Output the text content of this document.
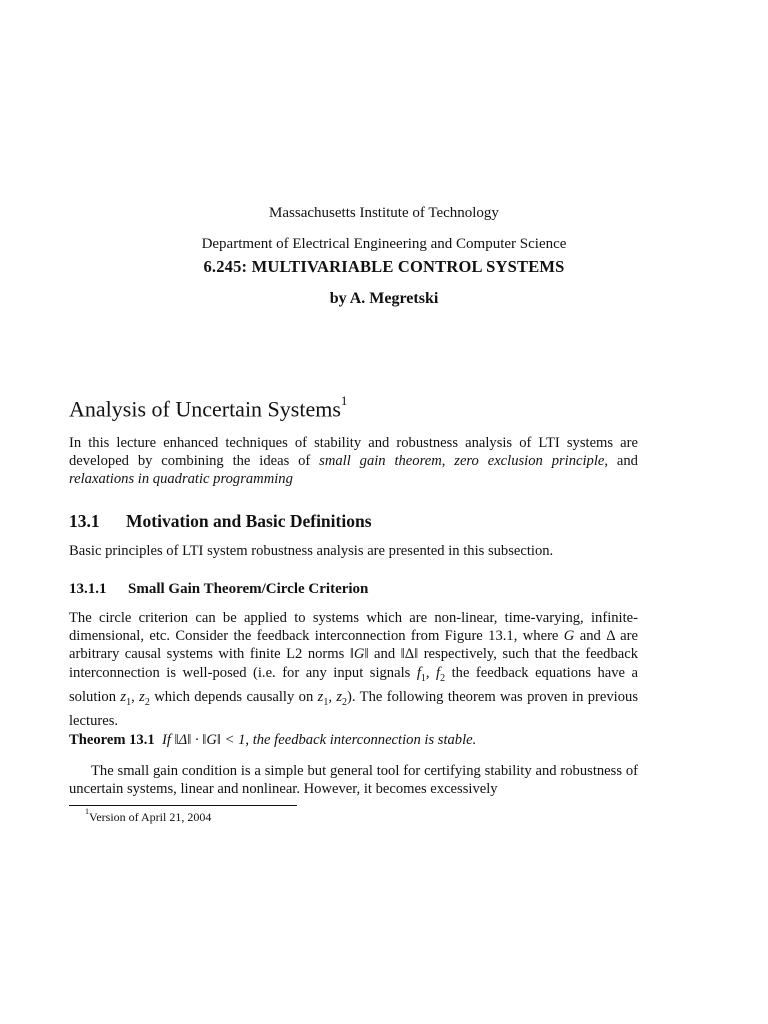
Massachusetts Institute of Technology
Department of Electrical Engineering and Computer Science
6.245: MULTIVARIABLE CONTROL SYSTEMS
by A. Megretski
Analysis of Uncertain Systems$^1$
In this lecture enhanced techniques of stability and robustness analysis of LTI systems are developed by combining the ideas of small gain theorem, zero exclusion principle, and relaxations in quadratic programming
13.1 Motivation and Basic Definitions
Basic principles of LTI system robustness analysis are presented in this subsection.
13.1.1 Small Gain Theorem/Circle Criterion
The circle criterion can be applied to systems which are non-linear, time-varying, infinite-dimensional, etc. Consider the feedback interconnection from Figure 13.1, where G and Δ are arbitrary causal systems with finite L2 norms ‖G‖ and ‖Δ‖ respectively, such that the feedback interconnection is well-posed (i.e. for any input signals $f_1$, $f_2$ the feedback equations have a solution $z_1$, $z_2$ which depends causally on $z_1$, $z_2$). The following theorem was proven in previous lectures.
Theorem 13.1 If ‖Δ‖ · ‖G‖ < 1, the feedback interconnection is stable.
The small gain condition is a simple but general tool for certifying stability and robustness of uncertain systems, linear and nonlinear. However, it becomes excessively
$^1$Version of April 21, 2004
